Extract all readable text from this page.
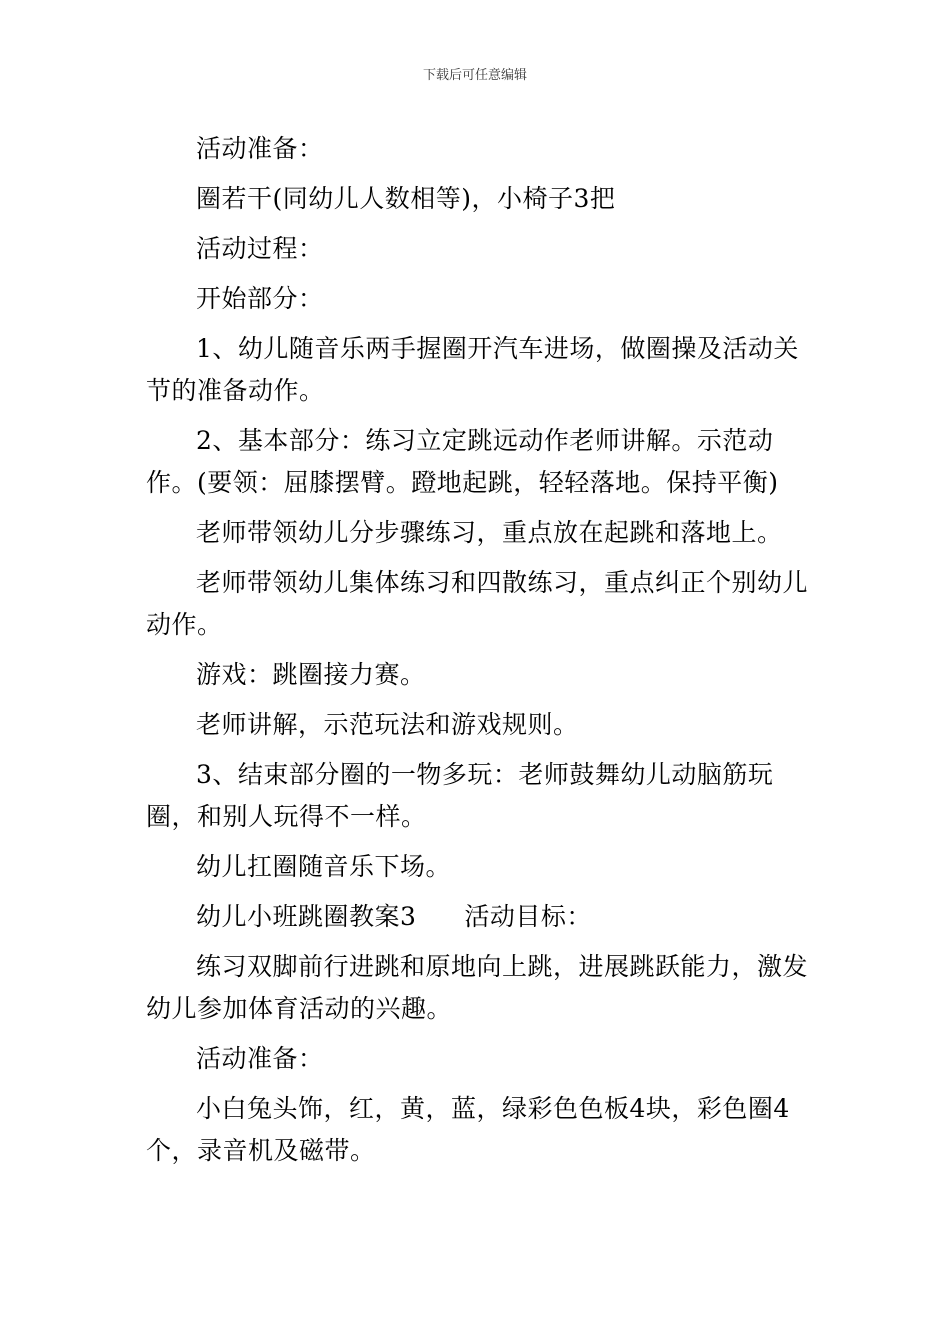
下载后可任意编辑

活动准备：

圈若干(同幼儿人数相等)，小椅子3把

活动过程：

开始部分：

1、幼儿随音乐两手握圈开汽车进场，做圈操及活动关节的准备动作。

2、基本部分：练习立定跳远动作老师讲解。示范动作。(要领：屈膝摆臂。蹬地起跳，轻轻落地。保持平衡)

老师带领幼儿分步骤练习，重点放在起跳和落地上。

老师带领幼儿集体练习和四散练习，重点纠正个别幼儿动作。

游戏：跳圈接力赛。

老师讲解，示范玩法和游戏规则。

3、结束部分圈的一物多玩：老师鼓舞幼儿动脑筋玩圈，和别人玩得不一样。

幼儿扛圈随音乐下场。

幼儿小班跳圈教案3 活动目标：

练习双脚前行进跳和原地向上跳，进展跳跃能力，激发幼儿参加体育活动的兴趣。

活动准备：

小白兔头饰，红，黄，蓝，绿彩色色板4块，彩色圈4个，录音机及磁带。
